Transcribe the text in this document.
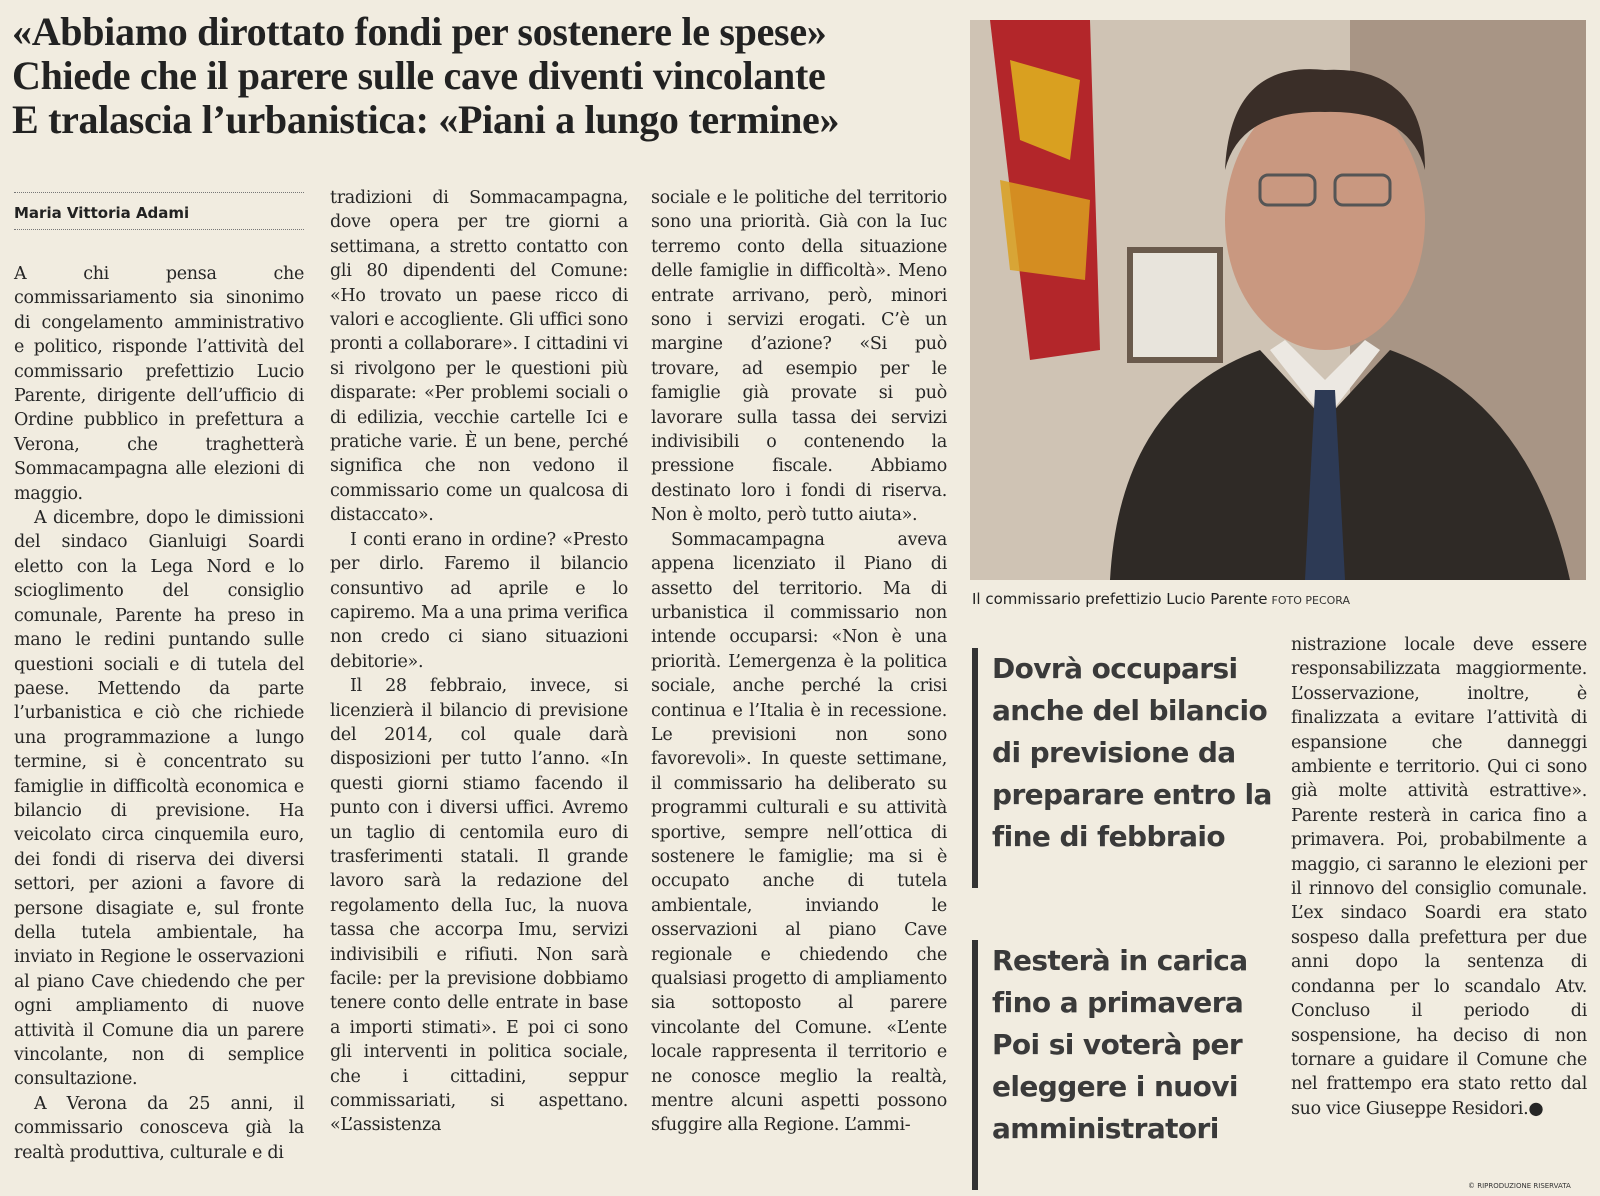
«Abbiamo dirottato fondi per sostenere le spese»
Chiede che il parere sulle cave diventi vincolante
E tralascia l’urbanistica: «Piani a lungo termine»
Maria Vittoria Adami

A chi pensa che commissariamento sia sinonimo di congelamento amministrativo e politico, risponde l’attività del commissario prefettizio Lucio Parente, dirigente dell’ufficio di Ordine pubblico in prefettura a Verona, che traghetterà Sommacampagna alle elezioni di maggio.

A dicembre, dopo le dimissioni del sindaco Gianluigi Soardi eletto con la Lega Nord e lo scioglimento del consiglio comunale, Parente ha preso in mano le redini puntando sulle questioni sociali e di tutela del paese. Mettendo da parte l’urbanistica e ciò che richiede una programmazione a lungo termine, si è concentrato su famiglie in difficoltà economica e bilancio di previsione. Ha veicolato circa cinquemila euro, dei fondi di riserva dei diversi settori, per azioni a favore di persone disagiate e, sul fronte della tutela ambientale, ha inviato in Regione le osservazioni al piano Cave chiedendo che per ogni ampliamento di nuove attività il Comune dia un parere vincolante, non di semplice consultazione.

A Verona da 25 anni, il commissario conosceva già la realtà produttiva, culturale e di

tradizioni di Sommacampagna, dove opera per tre giorni a settimana, a stretto contatto con gli 80 dipendenti del Comune: «Ho trovato un paese ricco di valori e accogliente. Gli uffici sono pronti a collaborare». I cittadini vi si rivolgono per le questioni più disparate: «Per problemi sociali o di edilizia, vecchie cartelle Ici e pratiche varie. È un bene, perché significa che non vedono il commissario come un qualcosa di distaccato».

I conti erano in ordine? «Presto per dirlo. Faremo il bilancio consuntivo ad aprile e lo capiremo. Ma a una prima verifica non credo ci siano situazioni debitorie».

Il 28 febbraio, invece, si licenzierà il bilancio di previsione del 2014, col quale darà disposizioni per tutto l’anno. «In questi giorni stiamo facendo il punto con i diversi uffici. Avremo un taglio di centomila euro di trasferimenti statali. Il grande lavoro sarà la redazione del regolamento della Iuc, la nuova tassa che accorpa Imu, servizi indivisibili e rifiuti. Non sarà facile: per la previsione dobbiamo tenere conto delle entrate in base a importi stimati». E poi ci sono gli interventi in politica sociale, che i cittadini, seppur commissariati, si aspettano. «L’assistenza

sociale e le politiche del territorio sono una priorità. Già con la Iuc terremo conto della situazione delle famiglie in difficoltà». Meno entrate arrivano, però, minori sono i servizi erogati. C’è un margine d’azione? «Si può trovare, ad esempio per le famiglie già provate si può lavorare sulla tassa dei servizi indivisibili o contenendo la pressione fiscale. Abbiamo destinato loro i fondi di riserva. Non è molto, però tutto aiuta».

Sommacampagna aveva appena licenziato il Piano di assetto del territorio. Ma di urbanistica il commissario non intende occuparsi: «Non è una priorità. L’emergenza è la politica sociale, anche perché la crisi continua e l’Italia è in recessione. Le previsioni non sono favorevoli». In queste settimane, il commissario ha deliberato su programmi culturali e su attività sportive, sempre nell’ottica di sostenere le famiglie; ma si è occupato anche di tutela ambientale, inviando le osservazioni al piano Cave regionale e chiedendo che qualsiasi progetto di ampliamento sia sottoposto al parere vincolante del Comune. «L’ente locale rappresenta il territorio e ne conosce meglio la realtà, mentre alcuni aspetti possono sfuggire alla Regione. L’ammi-

Il commissario prefettizio Lucio Parente FOTO PECORA
Dovrà occuparsi anche del bilancio di previsione da preparare entro la fine di febbraio
Resterà in carica fino a primavera Poi si voterà per eleggere i nuovi amministratori

nistrazione locale deve essere responsabilizzata maggiormente. L’osservazione, inoltre, è finalizzata a evitare l’attività di espansione che danneggi ambiente e territorio. Qui ci sono già molte attività estrattive». Parente resterà in carica fino a primavera. Poi, probabilmente a maggio, ci saranno le elezioni per il rinnovo del consiglio comunale. L’ex sindaco Soardi era stato sospeso dalla prefettura per due anni dopo la sentenza di condanna per lo scandalo Atv. Concluso il periodo di sospensione, ha deciso di non tornare a guidare il Comune che nel frattempo era stato retto dal suo vice Giuseppe Residori.●

© RIPRODUZIONE RISERVATA
